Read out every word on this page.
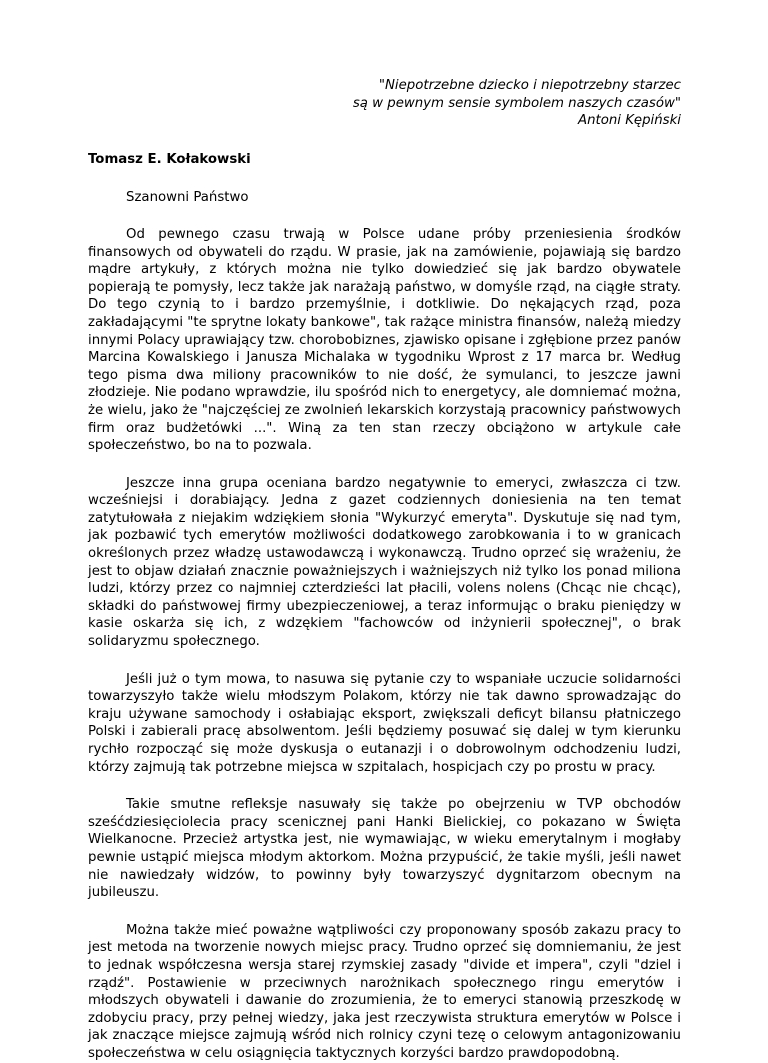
"Niepotrzebne dziecko i niepotrzebny starzec
są w pewnym sensie symbolem naszych czasów"
Antoni Kępiński
Tomasz E. Kołakowski
Szanowni Państwo

Od pewnego czasu trwają w Polsce udane próby przeniesienia środków finansowych od obywateli do rządu. W prasie, jak na zamówienie, pojawiają się bardzo mądre artykuły, z których można nie tylko dowiedzieć się jak bardzo obywatele popierają te pomysły, lecz także jak narażają państwo, w domyśle rząd, na ciągłe straty. Do tego czynią to i bardzo przemyślnie, i dotkliwie. Do nękających rząd, poza zakładającymi "te sprytne lokaty bankowe", tak rażące ministra finansów, należą miedzy innymi Polacy uprawiający tzw. chorobobiznes, zjawisko opisane i zgłębione przez panów Marcina Kowalskiego i Janusza Michalaka w tygodniku Wprost z 17 marca br. Według tego pisma dwa miliony pracowników to nie dość, że symulanci, to jeszcze jawni złodzieje. Nie podano wprawdzie, ilu spośród nich to energetycy, ale domniemać można, że wielu, jako że "najczęściej ze zwolnień lekarskich korzystają pracownicy państwowych firm oraz budżetówki ...". Winą za ten stan rzeczy obciążono w artykule całe społeczeństwo, bo na to pozwala.

Jeszcze inna grupa oceniana bardzo negatywnie to emeryci, zwłaszcza ci tzw. wcześniejsi i dorabiający. Jedna z gazet codziennych doniesienia na ten temat zatytułowała z niejakim wdziękiem słonia "Wykurzyć emeryta". Dyskutuje się nad tym, jak pozbawić tych emerytów możliwości dodatkowego zarobkowania i to w granicach określonych przez władzę ustawodawczą i wykonawczą. Trudno oprzeć się wrażeniu, że jest to objaw działań znacznie poważniejszych i ważniejszych niż tylko los ponad miliona ludzi, którzy przez co najmniej czterdzieści lat płacili, volens nolens (Chcąc nie chcąc), składki do państwowej firmy ubezpieczeniowej, a teraz informując o braku pieniędzy w kasie oskarża się ich, z wdzękiem "fachowców od inżynierii społecznej", o brak solidaryzmu społecznego.

Jeśli już o tym mowa, to nasuwa się pytanie czy to wspaniałe uczucie solidarności towarzyszyło także wielu młodszym Polakom, którzy nie tak dawno sprowadzając do kraju używane samochody i osłabiając eksport, zwiększali deficyt bilansu płatniczego Polski i zabierali pracę absolwentom. Jeśli będziemy posuwać się dalej w tym kierunku rychło rozpocząć się może dyskusja o eutanazji i o dobrowolnym odchodzeniu ludzi, którzy zajmują tak potrzebne miejsca w szpitalach, hospicjach czy po prostu w pracy.

Takie smutne refleksje nasuwały się także po obejrzeniu w TVP obchodów sześćdziesięciolecia pracy scenicznej pani Hanki Bielickiej, co pokazano w Święta Wielkanocne. Przecież artystka jest, nie wymawiając, w wieku emerytalnym i mogłaby pewnie ustąpić miejsca młodym aktorkom. Można przypuścić, że takie myśli, jeśli nawet nie nawiedzały widzów, to powinny były towarzyszyć dygnitarzom obecnym na jubileuszu.

Można także mieć poważne wątpliwości czy proponowany sposób zakazu pracy to jest metoda na tworzenie nowych miejsc pracy. Trudno oprzeć się domniemaniu, że jest to jednak współczesna wersja starej rzymskiej zasady "divide et impera", czyli "dziel i rządź". Postawienie w przeciwnych narożnikach społecznego ringu emerytów i młodszych obywateli i dawanie do zrozumienia, że to emeryci stanowią przeszkodę w zdobyciu pracy, przy pełnej wiedzy, jaka jest rzeczywista struktura emerytów w Polsce i jak znaczące miejsce zajmują wśród nich rolnicy czyni tezę o celowym antagonizowaniu społeczeństwa w celu osiągnięcia taktycznych korzyści bardzo prawdopodobną.
